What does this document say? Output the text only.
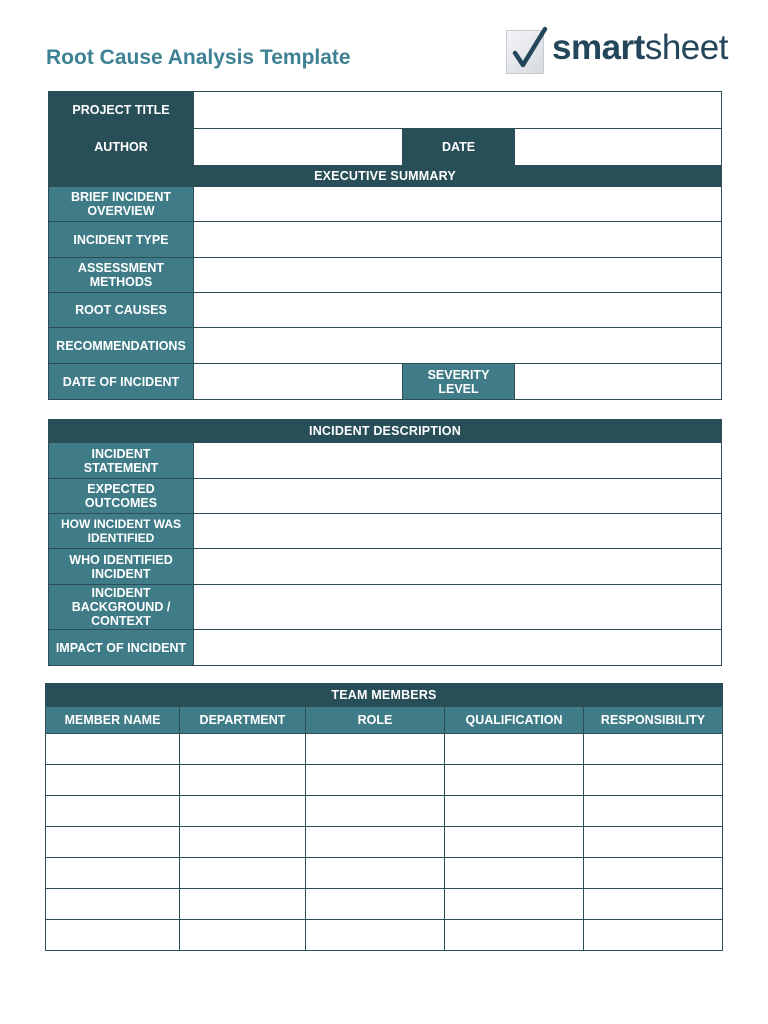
Root Cause Analysis Template	smartsheet
PROJECT TITLE			
AUTHOR		DATE	
EXECUTIVE SUMMARY			
BRIEF INCIDENT OVERVIEW			
INCIDENT TYPE			
ASSESSMENT METHODS			
ROOT CAUSES			
RECOMMENDATIONS			
DATE OF INCIDENT		SEVERITY LEVEL	
INCIDENT DESCRIPTION	
INCIDENT STATEMENT	
EXPECTED OUTCOMES	
HOW INCIDENT WAS IDENTIFIED	
WHO IDENTIFIED INCIDENT	
INCIDENT BACKGROUND / CONTEXT	
IMPACT OF INCIDENT	
TEAM MEMBERS				
MEMBER NAME	DEPARTMENT	ROLE	QUALIFICATION	RESPONSIBILITY
